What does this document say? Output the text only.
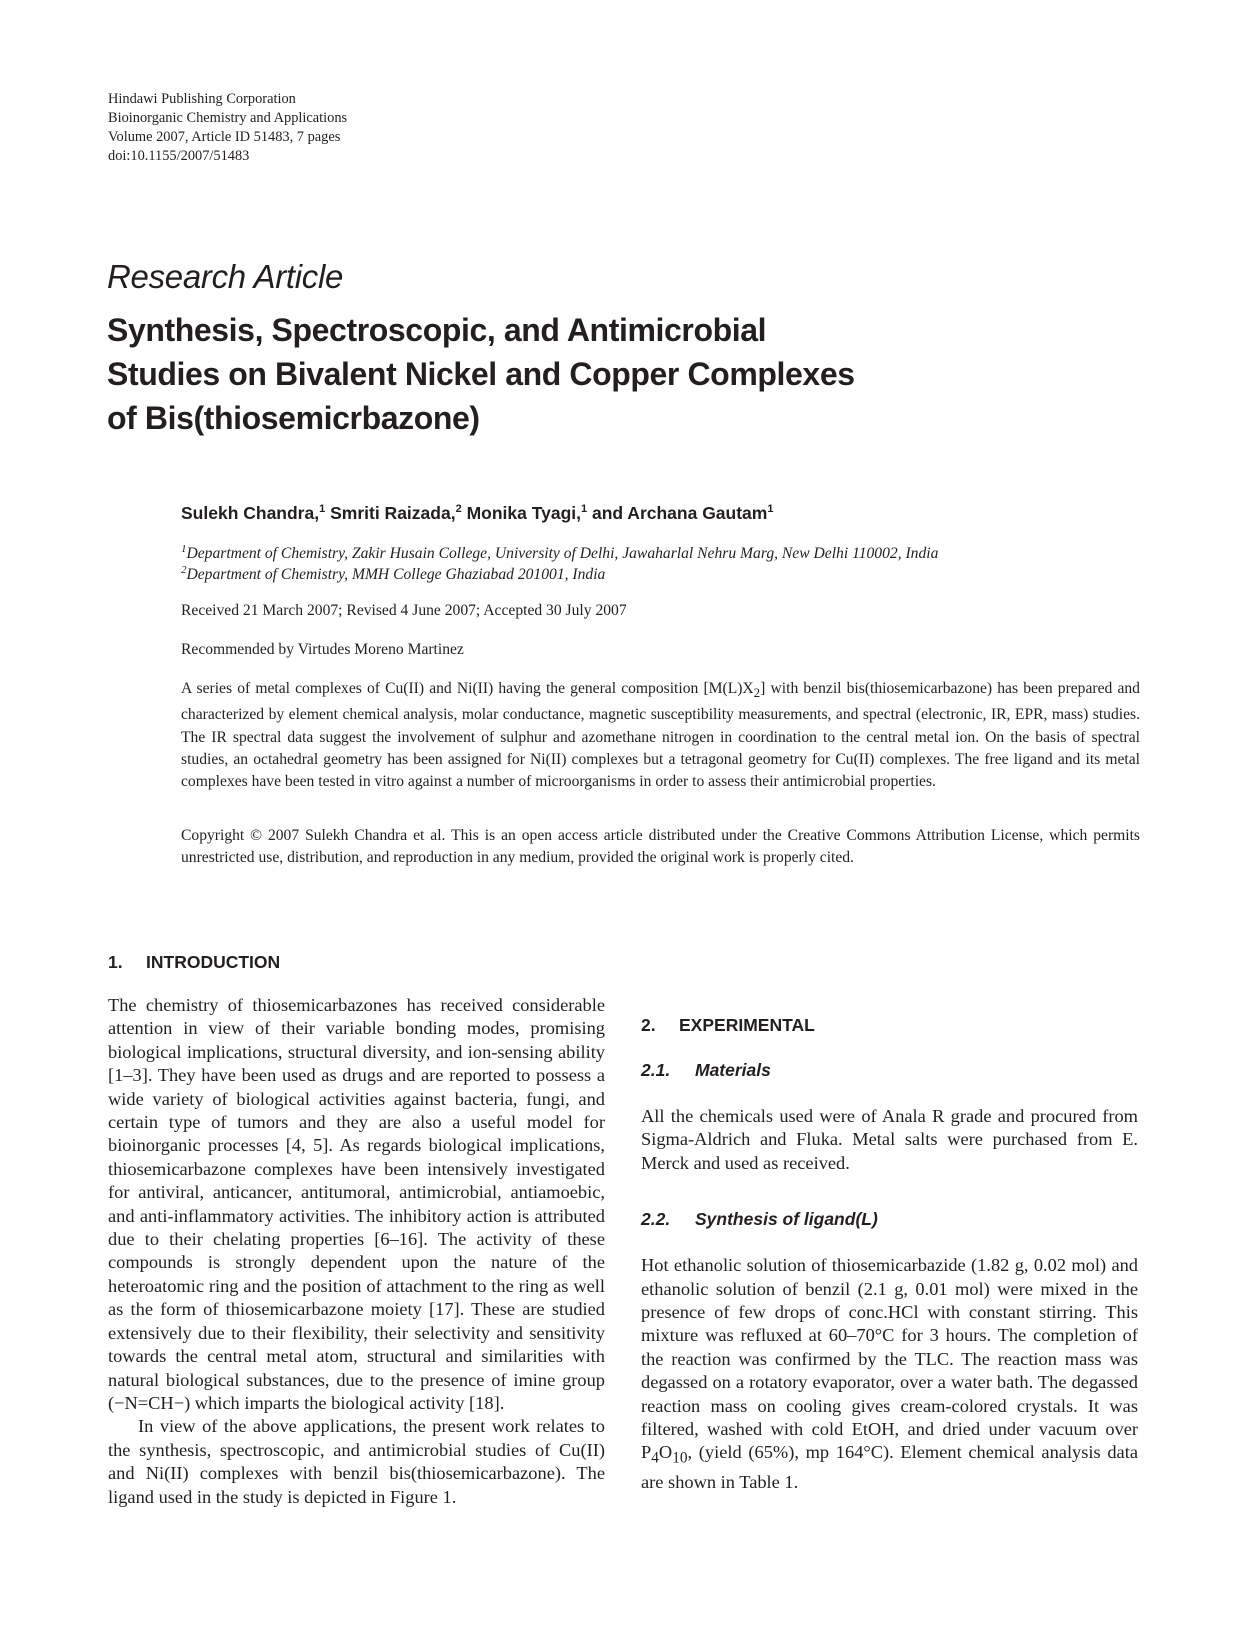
Hindawi Publishing Corporation
Bioinorganic Chemistry and Applications
Volume 2007, Article ID 51483, 7 pages
doi:10.1155/2007/51483
Research Article
Synthesis, Spectroscopic, and Antimicrobial
Studies on Bivalent Nickel and Copper Complexes
of Bis(thiosemicrbazone)
Sulekh Chandra,$^1$ Smriti Raizada,$^2$ Monika Tyagi,$^1$ and Archana Gautam$^1$
$^1$Department of Chemistry, Zakir Husain College, University of Delhi, Jawaharlal Nehru Marg, New Delhi 110002, India
$^2$Department of Chemistry, MMH College Ghaziabad 201001, India
Received 21 March 2007; Revised 4 June 2007; Accepted 30 July 2007
Recommended by Virtudes Moreno Martinez

A series of metal complexes of Cu(II) and Ni(II) having the general composition $[M(L)X_2]$ with benzil bis(thiosemicarbazone) has been prepared and characterized by element chemical analysis, molar conductance, magnetic susceptibility measurements, and spectral (electronic, IR, EPR, mass) studies. The IR spectral data suggest the involvement of sulphur and azomethane nitrogen in coordination to the central metal ion. On the basis of spectral studies, an octahedral geometry has been assigned for Ni(II) complexes but a tetragonal geometry for Cu(II) complexes. The free ligand and its metal complexes have been tested in vitro against a number of microorganisms in order to assess their antimicrobial properties.

Copyright © 2007 Sulekh Chandra et al. This is an open access article distributed under the Creative Commons Attribution License, which permits unrestricted use, distribution, and reproduction in any medium, provided the original work is properly cited.

1. INTRODUCTION

The chemistry of thiosemicarbazones has received considerable attention in view of their variable bonding modes, promising biological implications, structural diversity, and ion-sensing ability [1–3]. They have been used as drugs and are reported to possess a wide variety of biological activities against bacteria, fungi, and certain type of tumors and they are also a useful model for bioinorganic processes [4, 5]. As regards biological implications, thiosemicarbazone complexes have been intensively investigated for antiviral, anticancer, antitumoral, antimicrobial, antiamoebic, and anti-inflammatory activities. The inhibitory action is attributed due to their chelating properties [6–16]. The activity of these compounds is strongly dependent upon the nature of the heteroatomic ring and the position of attachment to the ring as well as the form of thiosemicarbazone moiety [17]. These are studied extensively due to their flexibility, their selectivity and sensitivity towards the central metal atom, structural and similarities with natural biological substances, due to the presence of imine group (−N=CH−) which imparts the biological activity [18].

In view of the above applications, the present work relates to the synthesis, spectroscopic, and antimicrobial studies of Cu(II) and Ni(II) complexes with benzil bis(thiosemicarbazone). The ligand used in the study is depicted in Figure 1.

2. EXPERIMENTAL
2.1. Materials

All the chemicals used were of Anala R grade and procured from Sigma-Aldrich and Fluka. Metal salts were purchased from E. Merck and used as received.

2.2. Synthesis of ligand(L)

Hot ethanolic solution of thiosemicarbazide (1.82 g, 0.02 mol) and ethanolic solution of benzil (2.1 g, 0.01 mol) were mixed in the presence of few drops of conc.HCl with constant stirring. This mixture was refluxed at 60–70°C for 3 hours. The completion of the reaction was confirmed by the TLC. The reaction mass was degassed on a rotatory evaporator, over a water bath. The degassed reaction mass on cooling gives cream-colored crystals. It was filtered, washed with cold EtOH, and dried under vacuum over $P_4O_{10}$, (yield (65%), mp 164°C). Element chemical analysis data are shown in Table 1.
